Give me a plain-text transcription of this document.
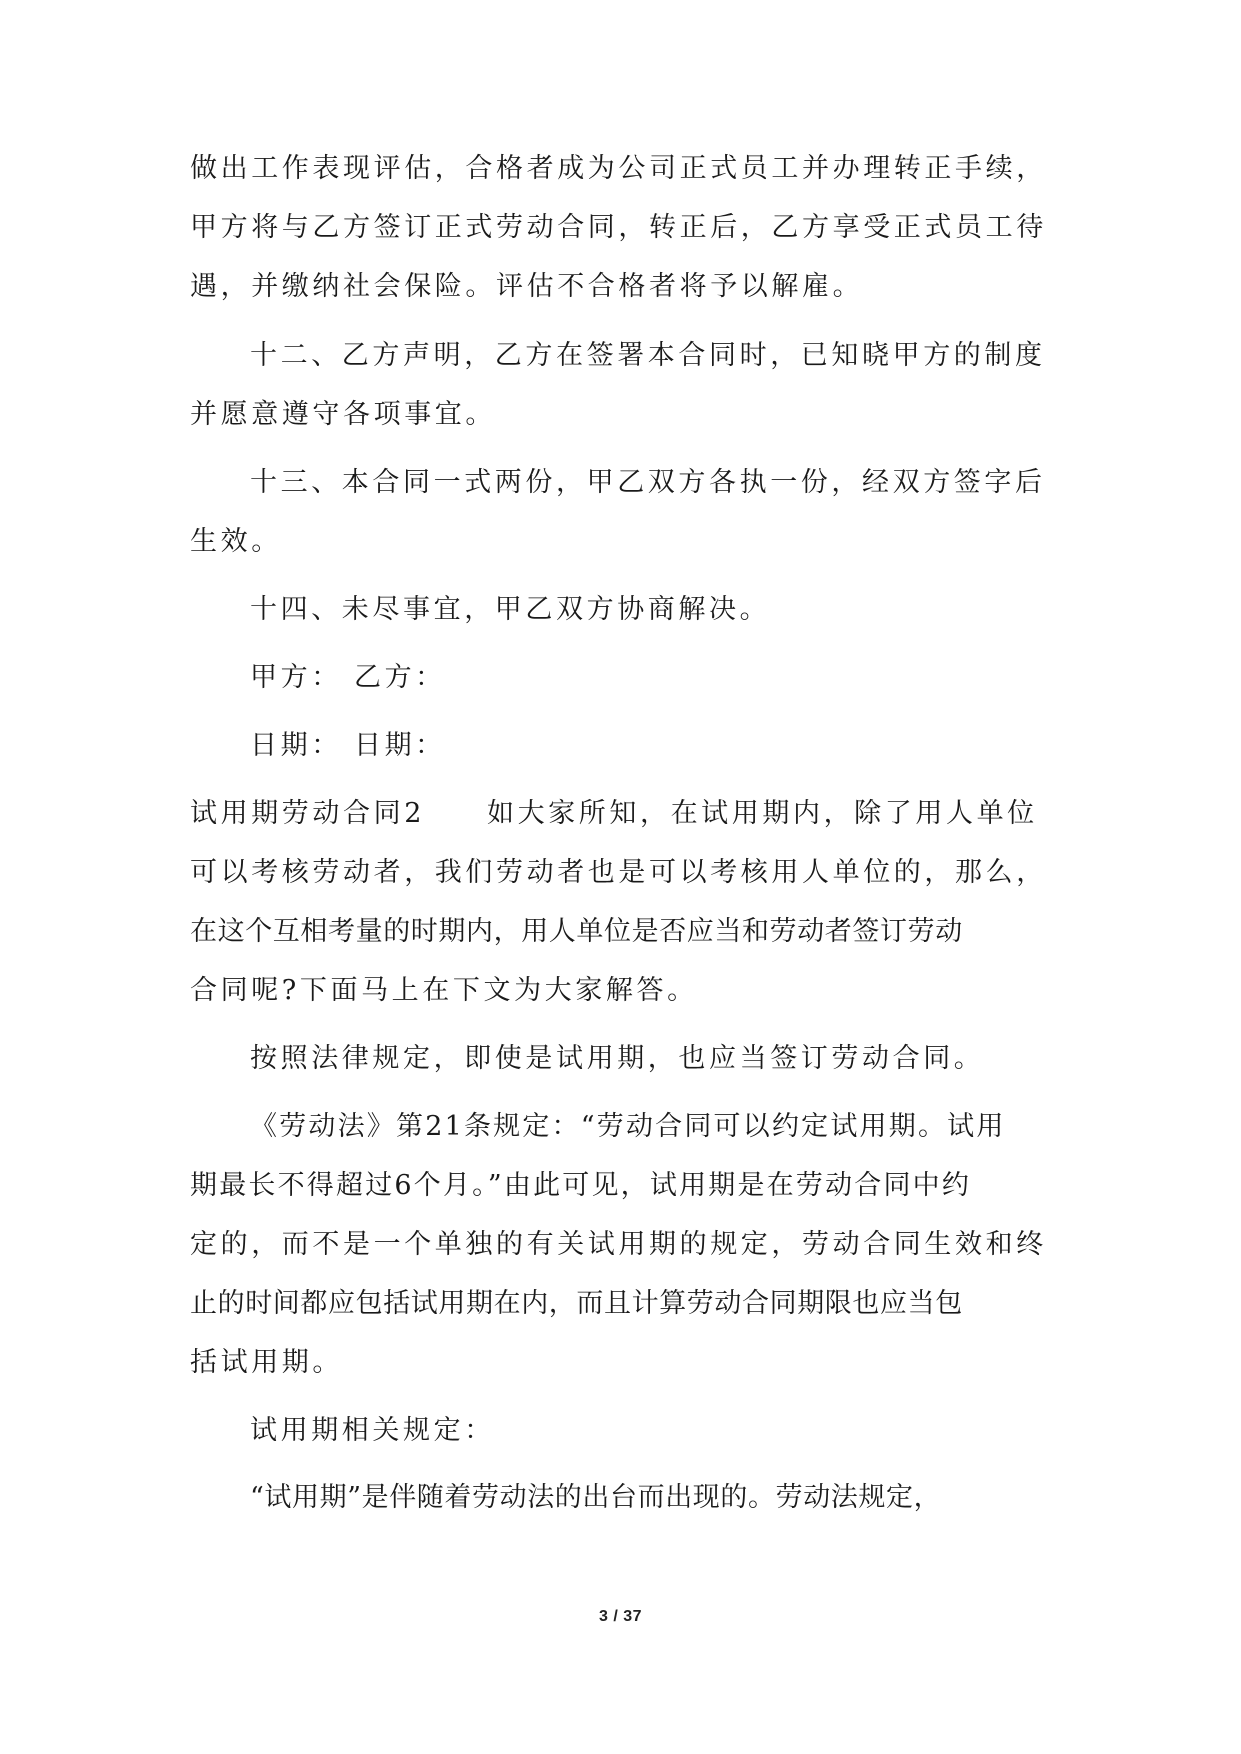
做出工作表现评估，合格者成为公司正式员工并办理转正手续，
甲方将与乙方签订正式劳动合同，转正后，乙方享受正式员工待
遇，并缴纳社会保险。评估不合格者将予以解雇。
十二、乙方声明，乙方在签署本合同时，已知晓甲方的制度
并愿意遵守各项事宜。
十三、本合同一式两份，甲乙双方各执一份，经双方签字后
生效。
十四、未尽事宜，甲乙双方协商解决。
甲方： 乙方：
日期： 日期：
试用期劳动合同2 如大家所知，在试用期内，除了用人单位
可以考核劳动者，我们劳动者也是可以考核用人单位的，那么，
在这个互相考量的时期内，用人单位是否应当和劳动者签订劳动
合同呢?下面马上在下文为大家解答。
按照法律规定，即使是试用期，也应当签订劳动合同。
《劳动法》第21条规定：“劳动合同可以约定试用期。试用
期最长不得超过6个月。”由此可见，试用期是在劳动合同中约
定的，而不是一个单独的有关试用期的规定，劳动合同生效和终
止的时间都应包括试用期在内，而且计算劳动合同期限也应当包
括试用期。
试用期相关规定：
“试用期”是伴随着劳动法的出台而出现的。劳动法规定，
3 / 37
